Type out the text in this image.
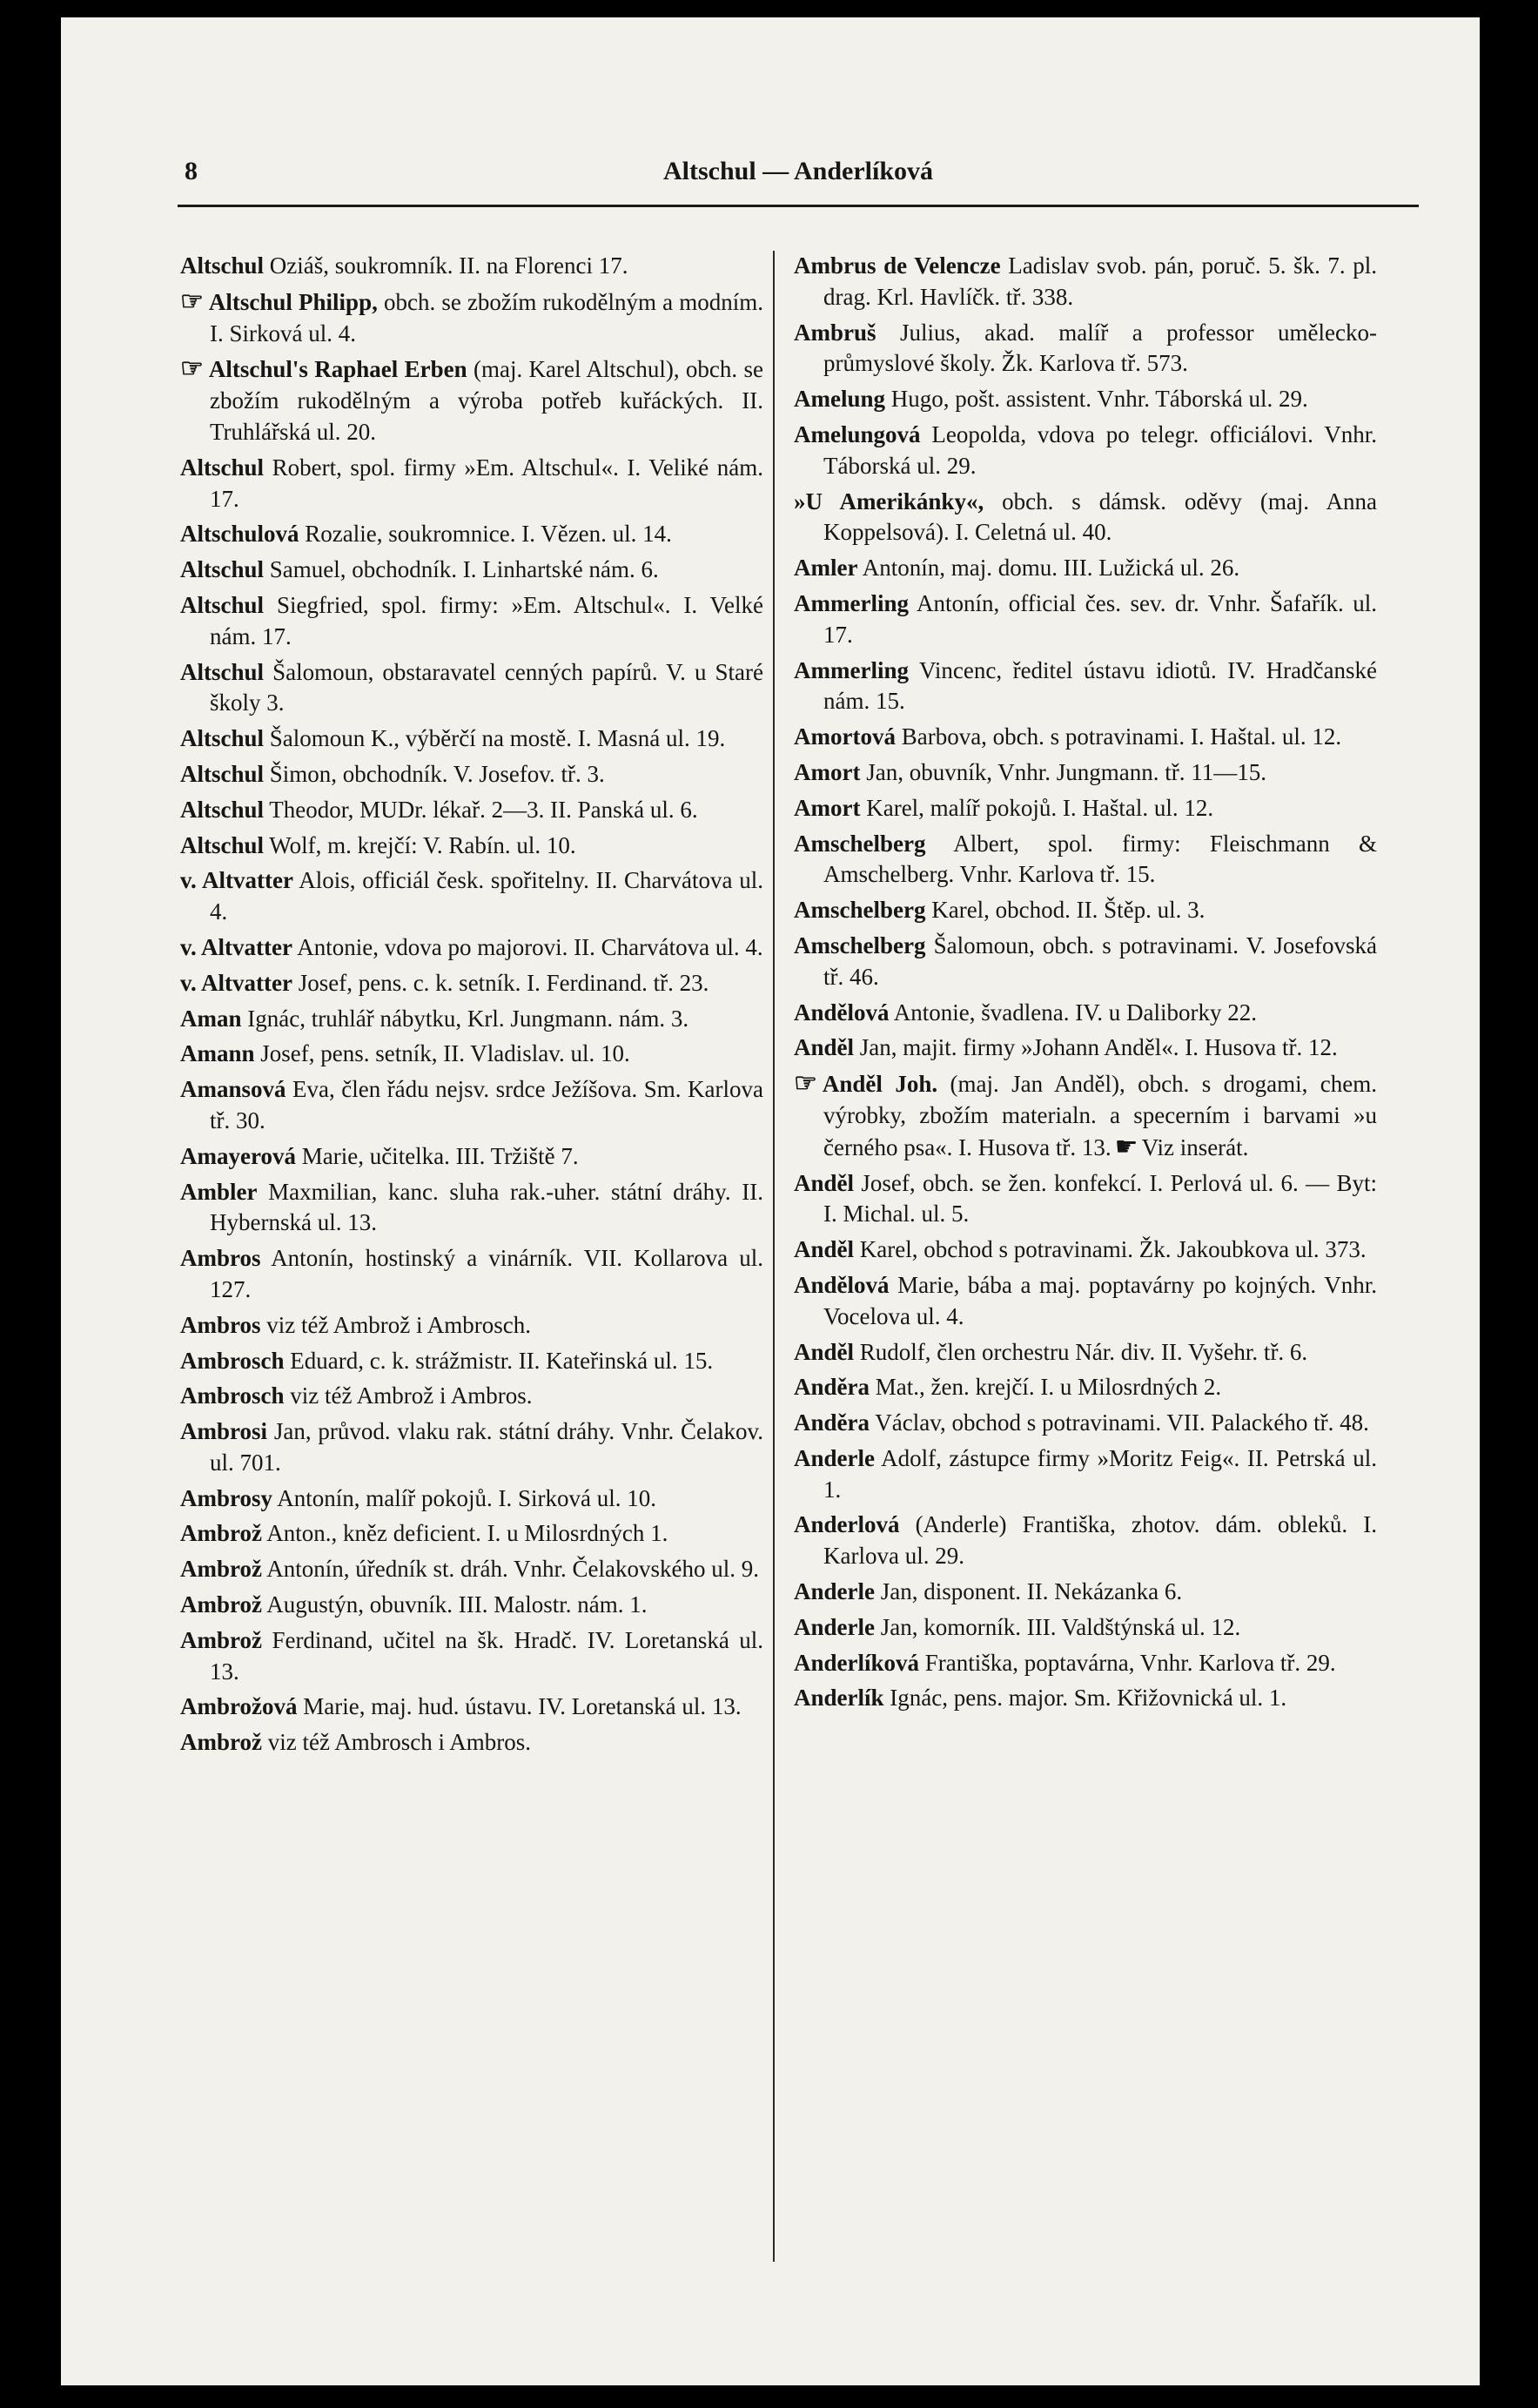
8	Altschul — Anderlíková

Altschul Oziáš, soukromník. II. na Florenci 17.

☞ Altschul Philipp, obch. se zbožím rukodělným a modním. I. Sirková ul. 4.

☞ Altschul's Raphael Erben (maj. Karel Altschul), obch. se zbožím rukodělným a výroba potřeb kuřáckých. II. Truhlářská ul. 20.

Altschul Robert, spol. firmy »Em. Altschul«. I. Veliké nám. 17.

Altschulová Rozalie, soukromnice. I. Vězen. ul. 14.

Altschul Samuel, obchodník. I. Linhartské nám. 6.

Altschul Siegfried, spol. firmy: »Em. Altschul«. I. Velké nám. 17.

Altschul Šalomoun, obstaravatel cenných papírů. V. u Staré školy 3.

Altschul Šalomoun K., výběrčí na mostě. I. Masná ul. 19.

Altschul Šimon, obchodník. V. Josefov. tř. 3.

Altschul Theodor, MUDr. lékař. 2—3. II. Panská ul. 6.

Altschul Wolf, m. krejčí: V. Rabín. ul. 10.

v. Altvatter Alois, officiál česk. spořitelny. II. Charvátova ul. 4.

v. Altvatter Antonie, vdova po majorovi. II. Charvátova ul. 4.

v. Altvatter Josef, pens. c. k. setník. I. Ferdinand. tř. 23.

Aman Ignác, truhlář nábytku, Krl. Jungmann. nám. 3.

Amann Josef, pens. setník, II. Vladislav. ul. 10.

Amansová Eva, člen řádu nejsv. srdce Ježíšova. Sm. Karlova tř. 30.

Amayerová Marie, učitelka. III. Tržiště 7.

Ambler Maxmilian, kanc. sluha rak.-uher. státní dráhy. II. Hybernská ul. 13.

Ambros Antonín, hostinský a vinárník. VII. Kollarova ul. 127.

Ambros viz též Ambrož i Ambrosch.

Ambrosch Eduard, c. k. strážmistr. II. Kateřinská ul. 15.

Ambrosch viz též Ambrož i Ambros.

Ambrosi Jan, průvod. vlaku rak. státní dráhy. Vnhr. Čelakov. ul. 701.

Ambrosy Antonín, malíř pokojů. I. Sirková ul. 10.

Ambrož Anton., kněz deficient. I. u Milosrdných 1.

Ambrož Antonín, úředník st. dráh. Vnhr. Čelakovského ul. 9.

Ambrož Augustýn, obuvník. III. Malostr. nám. 1.

Ambrož Ferdinand, učitel na šk. Hradč. IV. Loretanská ul. 13.

Ambrožová Marie, maj. hud. ústavu. IV. Loretanská ul. 13.

Ambrož viz též Ambrosch i Ambros.

Ambrus de Velencze Ladislav svob. pán, poruč. 5. šk. 7. pl. drag. Krl. Havlíčk. tř. 338.

Ambruš Julius, akad. malíř a professor umělecko-průmyslové školy. Žk. Karlova tř. 573.

Amelung Hugo, pošt. assistent. Vnhr. Táborská ul. 29.

Amelungová Leopolda, vdova po telegr. officiálovi. Vnhr. Táborská ul. 29.

»U Amerikánky«, obch. s dámsk. oděvy (maj. Anna Koppelsová). I. Celetná ul. 40.

Amler Antonín, maj. domu. III. Lužická ul. 26.

Ammerling Antonín, official čes. sev. dr. Vnhr. Šafařík. ul. 17.

Ammerling Vincenc, ředitel ústavu idiotů. IV. Hradčanské nám. 15.

Amortová Barbova, obch. s potravinami. I. Haštal. ul. 12.

Amort Jan, obuvník, Vnhr. Jungmann. tř. 11—15.

Amort Karel, malíř pokojů. I. Haštal. ul. 12.

Amschelberg Albert, spol. firmy: Fleischmann & Amschelberg. Vnhr. Karlova tř. 15.

Amschelberg Karel, obchod. II. Štěp. ul. 3.

Amschelberg Šalomoun, obch. s potravinami. V. Josefovská tř. 46.

Andělová Antonie, švadlena. IV. u Daliborky 22.

Anděl Jan, majit. firmy »Johann Anděl«. I. Husova tř. 12.

☞ Anděl Joh. (maj. Jan Anděl), obch. s drogami, chem. výrobky, zbožím materialn. a specerním i barvami »u černého psa«. I. Husova tř. 13. ☛ Viz inserát.

Anděl Josef, obch. se žen. konfekcí. I. Perlová ul. 6. — Byt: I. Michal. ul. 5.

Anděl Karel, obchod s potravinami. Žk. Jakoubkova ul. 373.

Andělová Marie, bába a maj. poptavárny po kojných. Vnhr. Vocelova ul. 4.

Anděl Rudolf, člen orchestru Nár. div. II. Vyšehr. tř. 6.

Anděra Mat., žen. krejčí. I. u Milosrdných 2.

Anděra Václav, obchod s potravinami. VII. Palackého tř. 48.

Anderle Adolf, zástupce firmy »Moritz Feig«. II. Petrská ul. 1.

Anderlová (Anderle) Františka, zhotov. dám. obleků. I. Karlova ul. 29.

Anderle Jan, disponent. II. Nekázanka 6.

Anderle Jan, komorník. III. Valdštýnská ul. 12.

Anderlíková Františka, poptavárna, Vnhr. Karlova tř. 29.

Anderlík Ignác, pens. major. Sm. Křižovnická ul. 1.
